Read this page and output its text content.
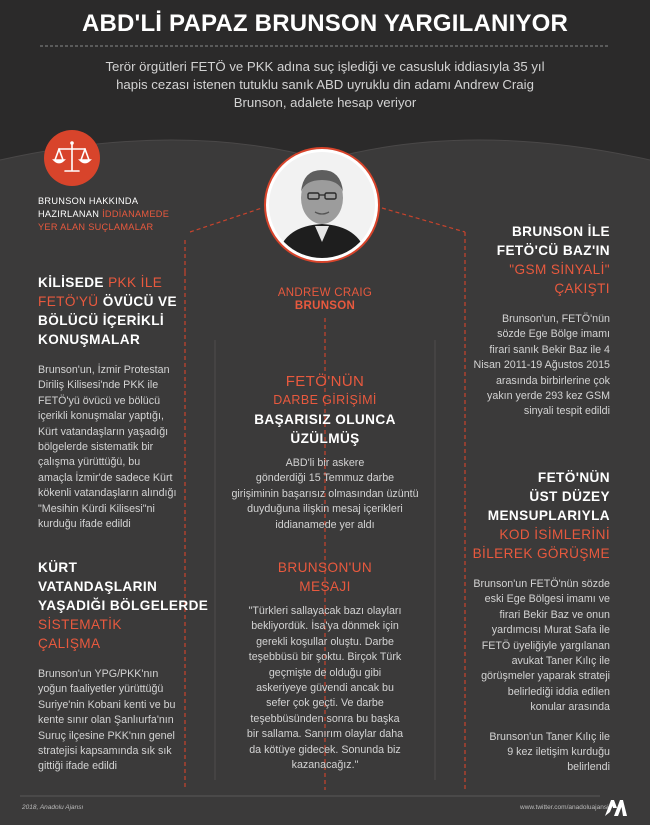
ABD'Lİ PAPAZ BRUNSON YARGILANIYOR
Terör örgütleri FETÖ ve PKK adına suç işlediği ve casusluk iddiasıyla 35 yıl hapis cezası istenen tutuklu sanık ABD uyruklu din adamı Andrew Craig Brunson, adalete hesap veriyor
BRUNSON HAKKINDA
HAZIRLANAN İDDİANAMEDE
YER ALAN SUÇLAMALAR
ANDREW CRAIG
BRUNSON
KİLİSEDE PKK İLE
FETÖ'YÜ ÖVÜCÜ VE
BÖLÜCÜ İÇERİKLİ
KONUŞMALAR
Brunson'un, İzmir Protestan
Diriliş Kilisesi'nde PKK ile
FETÖ'yü övücü ve bölücü
içerikli konuşmalar yaptığı,
Kürt vatandaşların yaşadığı
bölgelerde sistematik bir
çalışma yürüttüğü, bu
amaçla İzmir'de sadece Kürt
kökenli vatandaşların alındığı
"Mesihin Kürdi Kilisesi"ni
kurduğu ifade edildi
KÜRT
VATANDAŞLARIN
YAŞADIĞI BÖLGELERDE
SİSTEMATİK
ÇALIŞMA
Brunson'un YPG/PKK'nın
yoğun faaliyetler yürüttüğü
Suriye'nin Kobani kenti ve bu
kente sınır olan Şanlıurfa'nın
Suruç ilçesine PKK'nın genel
stratejisi kapsamında sık sık
gittiği ifade edildi
FETÖ'NÜN
DARBE GİRİŞİMİ
BAŞARISIZ OLUNCA
ÜZÜLMÜŞ
ABD'li bir askere
gönderdiği 15 Temmuz darbe
girişiminin başarısız olmasından üzüntü
duyduğuna ilişkin mesaj içerikleri
iddianamede yer aldı
BRUNSON'UN
MESAJI
"Türkleri sallayacak bazı olayları
bekliyordük. İsa'ya dönmek için
gerekli koşullar oluştu. Darbe
teşebbüsü bir şoktu. Birçok Türk
geçmişte de olduğu gibi
askeriyeye güvendi ancak bu
sefer çok geçti. Ve darbe
teşebbüsünden sonra bu başka
bir sallama. Sanırım olaylar daha
da kötüye gidecek. Sonunda biz
kazanacağız."
BRUNSON İLE
FETÖ'CÜ BAZ'IN
"GSM SİNYALİ"
ÇAKIŞTI
Brunson'un, FETÖ'nün
sözde Ege Bölge imamı
firari sanık Bekir Baz ile 4
Nisan 2011-19 Ağustos 2015
arasında birbirlerine çok
yakın yerde 293 kez GSM
sinyali tespit edildi
FETÖ'NÜN
ÜST DÜZEY
MENSUPLARIYLA
KOD İSİMLERİNİ
BİLEREK GÖRÜŞME
Brunson'un FETÖ'nün sözde
eski Ege Bölgesi imamı ve
firari Bekir Baz ve onun
yardımcısı Murat Safa ile
FETÖ üyeliğiyle yargılanan
avukat Taner Kılıç ile
görüşmeler yaparak strateji
belirlediği iddia edilen
konular arasında
Brunson'un Taner Kılıç ile
9 kez iletişim kurduğu
belirlendi
2018, Anadolu Ajansı	www.twitter.com/anadoluajansi
